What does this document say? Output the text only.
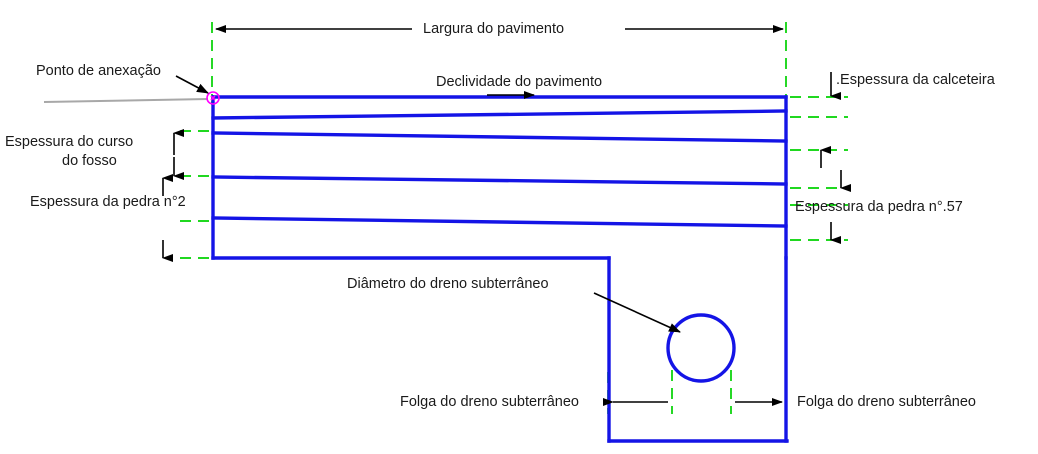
Largura do pavimento
Ponto de anexação
Declividade do pavimento	.Espessura da calceteira
Espessura do curso
do fosso
Espessura da pedra n°2	Espessura da pedra n°.57
Diâmetro do dreno subterrâneo
Folga do dreno subterrâneo	Folga do dreno subterrâneo
